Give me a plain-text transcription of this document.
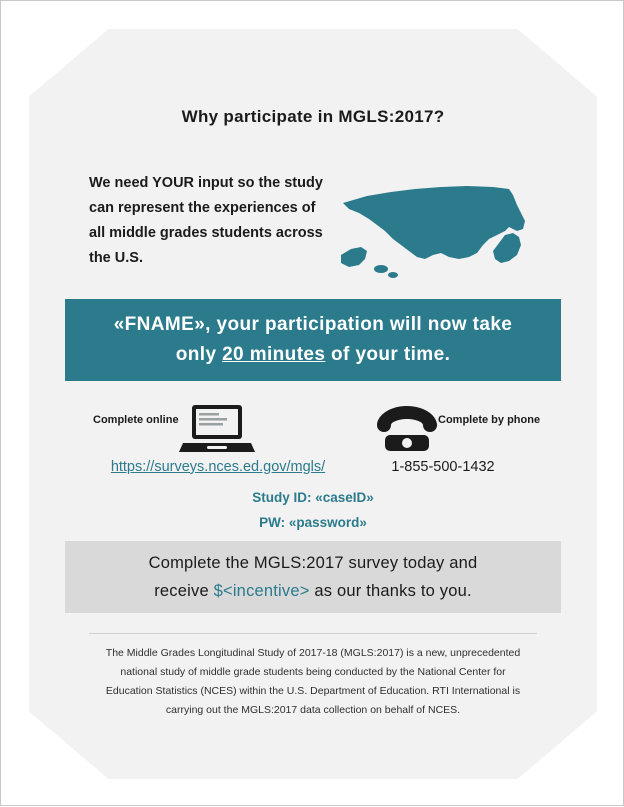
Why participate in MGLS:2017?
We need YOUR input so the study can represent the experiences of all middle grades students across the U.S.
«FNAME», your participation will now take
only 20 minutes of your time.
Complete online	Complete by phone
https://surveys.nces.ed.gov/mgls/	1-855-500-1432
Study ID: «caseID»
PW: «password»
Complete the MGLS:2017 survey today and
receive $<incentive> as our thanks to you.
The Middle Grades Longitudinal Study of 2017-18 (MGLS:2017) is a new, unprecedented national study of middle grade students being conducted by the National Center for Education Statistics (NCES) within the U.S. Department of Education. RTI International is carrying out the MGLS:2017 data collection on behalf of NCES.
